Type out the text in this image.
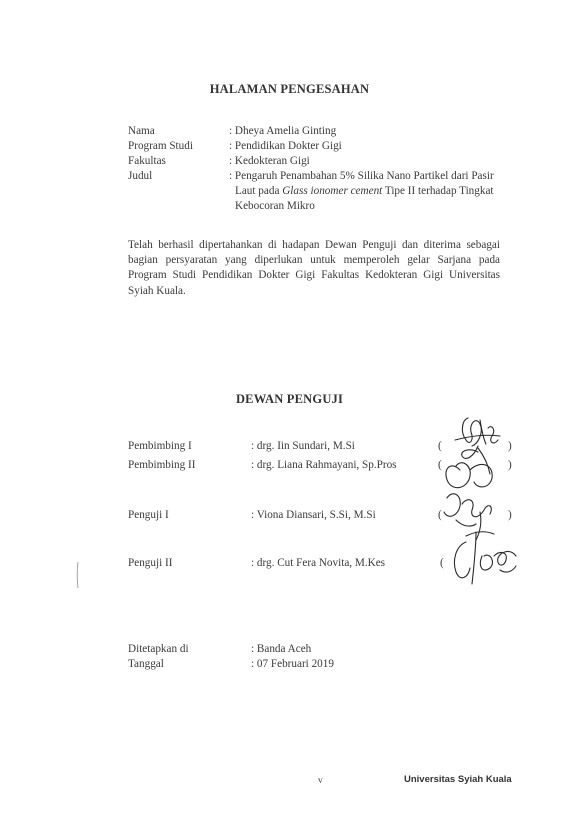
HALAMAN PENGESAHAN
Nama	: Dheya Amelia Ginting
Program Studi	: Pendidikan Dokter Gigi
Fakultas	: Kedokteran Gigi
Judul	: Pengaruh Penambahan 5% Silika Nano Partikel dari Pasir
Laut pada Glass ionomer cement Tipe II terhadap Tingkat
Kebocoran Mikro
Telah berhasil dipertahankan di hadapan Dewan Penguji dan diterima sebagai
bagian persyaratan yang diperlukan untuk memperoleh gelar Sarjana pada
Program Studi Pendidikan Dokter Gigi Fakultas Kedokteran Gigi Universitas
Syiah Kuala.
DEWAN PENGUJI
Pembimbing I	: drg. Iin Sundari, M.Si	(	)
Pembimbing II	: drg. Liana Rahmayani, Sp.Pros	(	)
Penguji I	: Viona Diansari, S.Si, M.Si	(	)
Penguji II	: drg. Cut Fera Novita, M.Kes	(
Ditetapkan di	: Banda Aceh
Tanggal	: 07 Februari 2019
v	Universitas Syiah Kuala
